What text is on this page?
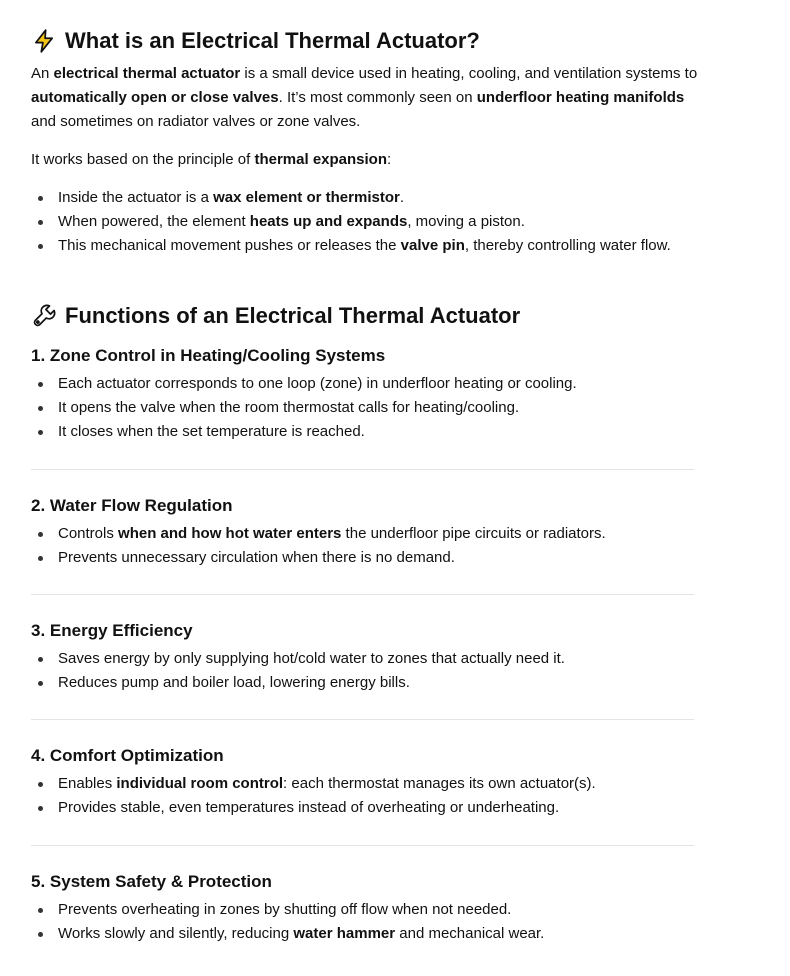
What is an Electrical Thermal Actuator?

An electrical thermal actuator is a small device used in heating, cooling, and ventilation systems to
automatically open or close valves. It’s most commonly seen on underfloor heating manifolds
and sometimes on radiator valves or zone valves.

It works based on the principle of thermal expansion:

Inside the actuator is a wax element or thermistor.
When powered, the element heats up and expands, moving a piston.
This mechanical movement pushes or releases the valve pin, thereby controlling water flow.
Functions of an Electrical Thermal Actuator
1. Zone Control in Heating/Cooling Systems
Each actuator corresponds to one loop (zone) in underfloor heating or cooling.
It opens the valve when the room thermostat calls for heating/cooling.
It closes when the set temperature is reached.
2. Water Flow Regulation
Controls when and how hot water enters the underfloor pipe circuits or radiators.
Prevents unnecessary circulation when there is no demand.
3. Energy Efficiency
Saves energy by only supplying hot/cold water to zones that actually need it.
Reduces pump and boiler load, lowering energy bills.
4. Comfort Optimization
Enables individual room control: each thermostat manages its own actuator(s).
Provides stable, even temperatures instead of overheating or underheating.
5. System Safety & Protection
Prevents overheating in zones by shutting off flow when not needed.
Works slowly and silently, reducing water hammer and mechanical wear.
